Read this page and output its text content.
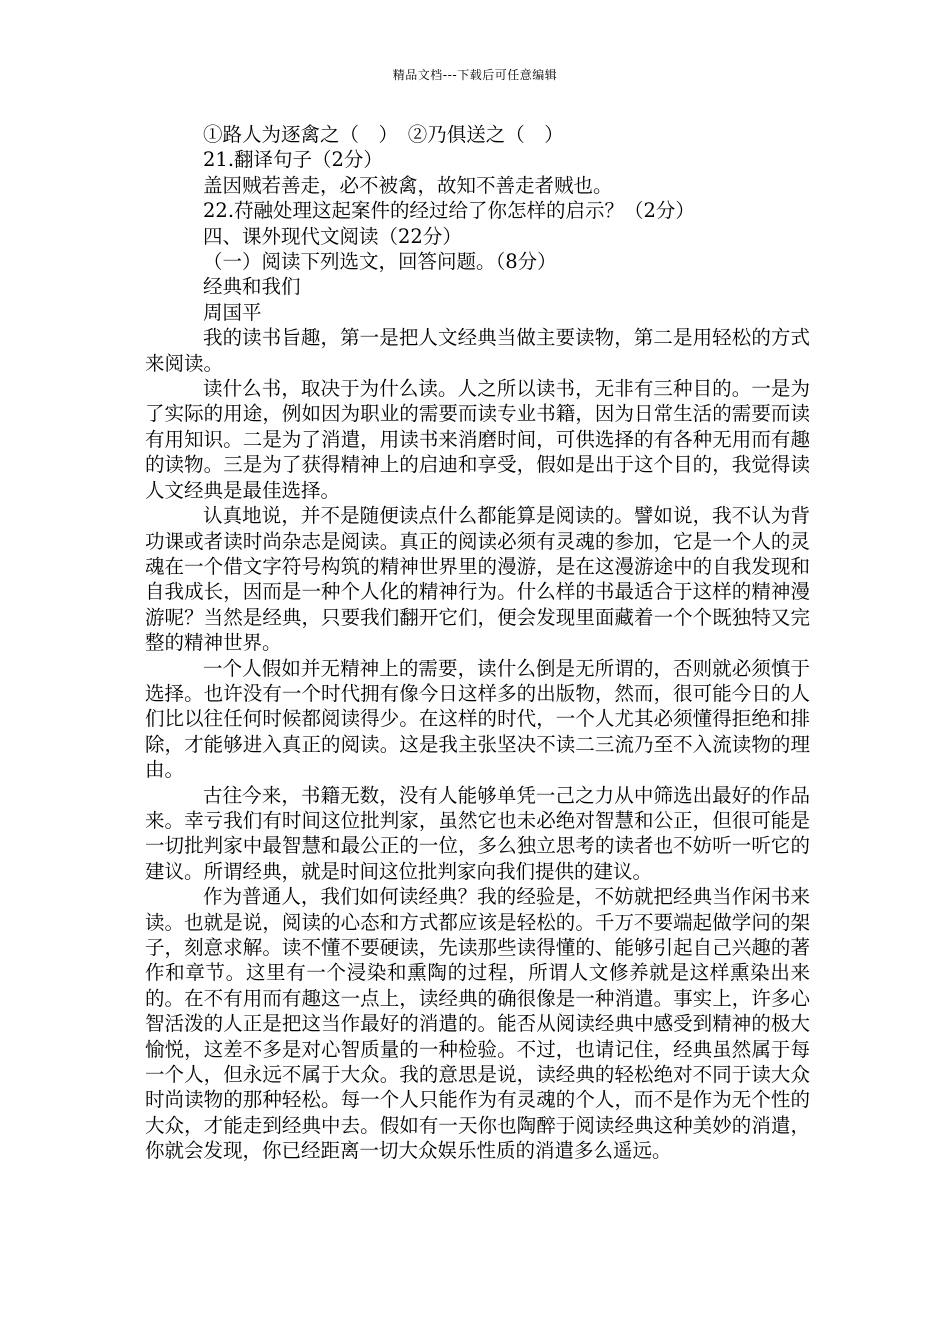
精品文档---下载后可任意编辑
①路人为逐禽之（　）　②乃俱送之（　）
21.翻译句子（2分）
盖因贼若善走，必不被禽，故知不善走者贼也。
22.苻融处理这起案件的经过给了你怎样的启示？（2分）
四、课外现代文阅读（22分）
（一）阅读下列选文，回答问题。（8分）
经典和我们
周国平

我的读书旨趣，第一是把人文经典当做主要读物，第二是用轻松的方式来阅读。

读什么书，取决于为什么读。人之所以读书，无非有三种目的。一是为了实际的用途，例如因为职业的需要而读专业书籍，因为日常生活的需要而读有用知识。二是为了消遣，用读书来消磨时间，可供选择的有各种无用而有趣的读物。三是为了获得精神上的启迪和享受，假如是出于这个目的，我觉得读人文经典是最佳选择。

认真地说，并不是随便读点什么都能算是阅读的。譬如说，我不认为背功课或者读时尚杂志是阅读。真正的阅读必须有灵魂的参加，它是一个人的灵魂在一个借文字符号构筑的精神世界里的漫游，是在这漫游途中的自我发现和自我成长，因而是一种个人化的精神行为。什么样的书最适合于这样的精神漫游呢？当然是经典，只要我们翻开它们，便会发现里面藏着一个个既独特又完整的精神世界。

一个人假如并无精神上的需要，读什么倒是无所谓的，否则就必须慎于选择。也许没有一个时代拥有像今日这样多的出版物，然而，很可能今日的人们比以往任何时候都阅读得少。在这样的时代，一个人尤其必须懂得拒绝和排除，才能够进入真正的阅读。这是我主张坚决不读二三流乃至不入流读物的理由。

古往今来，书籍无数，没有人能够单凭一己之力从中筛选出最好的作品来。幸亏我们有时间这位批判家，虽然它也未必绝对智慧和公正，但很可能是一切批判家中最智慧和最公正的一位，多么独立思考的读者也不妨听一听它的建议。所谓经典，就是时间这位批判家向我们提供的建议。

作为普通人，我们如何读经典？我的经验是，不妨就把经典当作闲书来读。也就是说，阅读的心态和方式都应该是轻松的。千万不要端起做学问的架子，刻意求解。读不懂不要硬读，先读那些读得懂的、能够引起自己兴趣的著作和章节。这里有一个浸染和熏陶的过程，所谓人文修养就是这样熏染出来的。在不有用而有趣这一点上，读经典的确很像是一种消遣。事实上，许多心智活泼的人正是把这当作最好的消遣的。能否从阅读经典中感受到精神的极大愉悦，这差不多是对心智质量的一种检验。不过，也请记住，经典虽然属于每一个人，但永远不属于大众。我的意思是说，读经典的轻松绝对不同于读大众时尚读物的那种轻松。每一个人只能作为有灵魂的个人，而不是作为无个性的大众，才能走到经典中去。假如有一天你也陶醉于阅读经典这种美妙的消遣，你就会发现，你已经距离一切大众娱乐性质的消遣多么遥远。
